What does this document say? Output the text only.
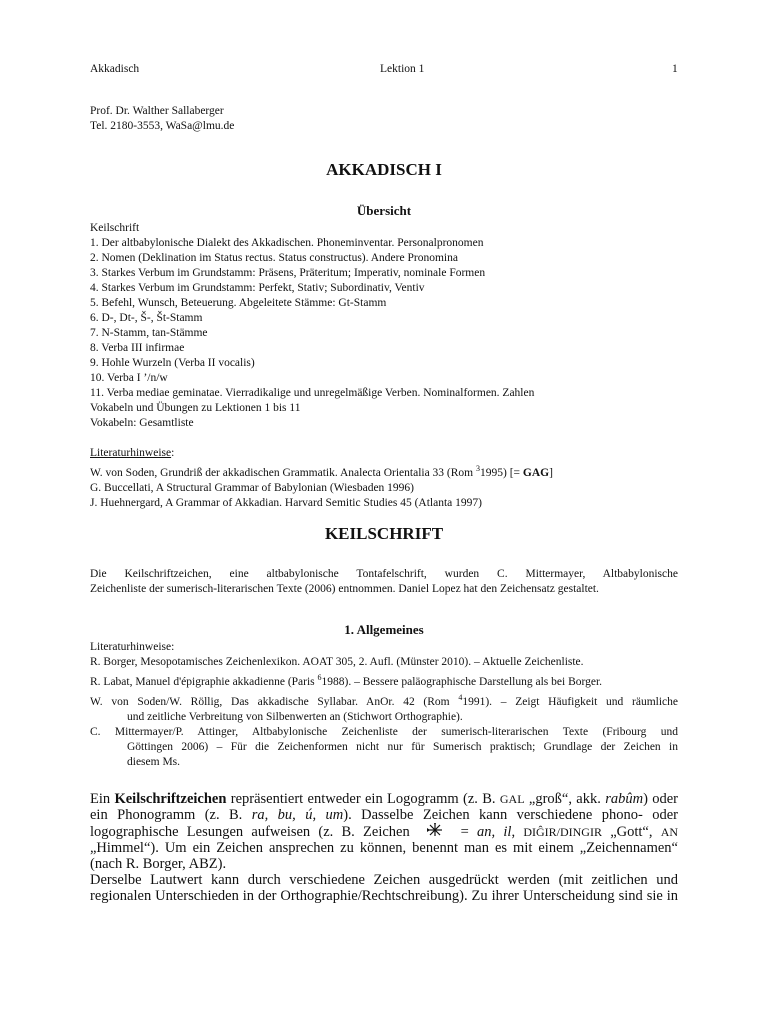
Akkadisch	Lektion 1	1
Prof. Dr. Walther Sallaberger
Tel. 2180-3553, WaSa@lmu.de
AKKADISCH I
Übersicht
Keilschrift
1. Der altbabylonische Dialekt des Akkadischen. Phoneminventar. Personalpronomen
2. Nomen (Deklination im Status rectus. Status constructus). Andere Pronomina
3. Starkes Verbum im Grundstamm: Präsens, Präteritum; Imperativ, nominale Formen
4. Starkes Verbum im Grundstamm: Perfekt, Stativ; Subordinativ, Ventiv
5. Befehl, Wunsch, Beteuerung. Abgeleitete Stämme: Gt-Stamm
6. D-, Dt-, Š-, Št-Stamm
7. N-Stamm, tan-Stämme
8. Verba III infirmae
9. Hohle Wurzeln (Verba II vocalis)
10. Verba I ’/n/w
11. Verba mediae geminatae. Vierradikalige und unregelmäßige Verben. Nominalformen. Zahlen
Vokabeln und Übungen zu Lektionen 1 bis 11
Vokabeln: Gesamtliste
Literaturhinweise:
W. von Soden, Grundriß der akkadischen Grammatik. Analecta Orientalia 33 (Rom $^3$1995) [= GAG]
G. Buccellati, A Structural Grammar of Babylonian (Wiesbaden 1996)
J. Huehnergard, A Grammar of Akkadian. Harvard Semitic Studies 45 (Atlanta 1997)
KEILSCHRIFT
Die Keilschriftzeichen, eine altbabylonische Tontafelschrift, wurden C. Mittermayer, Altbabylonische
Zeichenliste der sumerisch-literarischen Texte (2006) entnommen. Daniel Lopez hat den Zeichensatz gestaltet.
1. Allgemeines
Literaturhinweise:
R. Borger, Mesopotamisches Zeichenlexikon. AOAT 305, 2. Aufl. (Münster 2010). – Aktuelle Zeichenliste.
R. Labat, Manuel d'épigraphie akkadienne (Paris $^6$1988). – Bessere paläographische Darstellung als bei Borger.
W. von Soden/W. Röllig, Das akkadische Syllabar. AnOr. 42 (Rom $^4$1991). – Zeigt Häufigkeit und räumliche
und zeitliche Verbreitung von Silbenwerten an (Stichwort Orthographie).
C. Mittermayer/P. Attinger, Altbabylonische Zeichenliste der sumerisch-literarischen Texte (Fribourg und
Göttingen 2006) – Für die Zeichenformen nicht nur für Sumerisch praktisch; Grundlage der Zeichen in
diesem Ms.
Ein Keilschriftzeichen repräsentiert entweder ein Logogramm (z. B. GAL „groß“, akk. rabûm) oder
ein Phonogramm (z. B. ra, bu, ú, um). Dasselbe Zeichen kann verschiedene phono- oder
logographische Lesungen aufweisen (z. B. Zeichen	= an, il, DIĜIR/DINGIR „Gott“, AN
„Himmel“). Um ein Zeichen ansprechen zu können, benennt man es mit einem „Zeichennamen“
(nach R. Borger, ABZ).
Derselbe Lautwert kann durch verschiedene Zeichen ausgedrückt werden (mit zeitlichen und
regionalen Unterschieden in der Orthographie/Rechtschreibung). Zu ihrer Unterscheidung sind sie in
